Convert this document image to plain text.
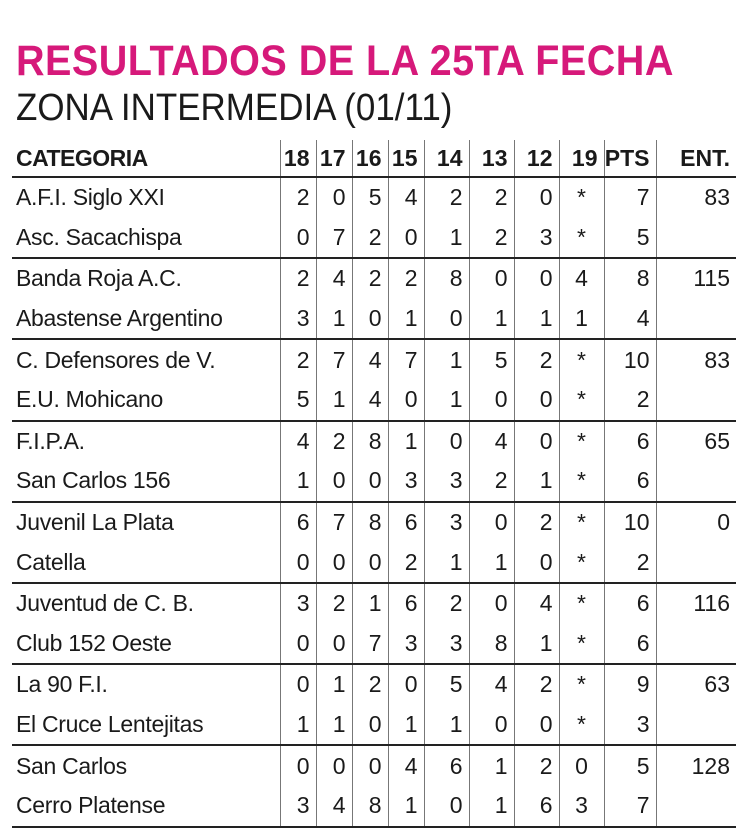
RESULTADOS DE LA 25TA FECHA
ZONA INTERMEDIA (01/11)
CATEGORIA	18	17	16	15	14	13	12	19	PTS	ENT.
A.F.I. Siglo XXI	2	0	5	4	2	2	0	*	7	83
Asc. Sacachispa	0	7	2	0	1	2	3	*	5	
Banda Roja A.C.	2	4	2	2	8	0	0	4	8	115
Abastense Argentino	3	1	0	1	0	1	1	1	4	
C. Defensores de V.	2	7	4	7	1	5	2	*	10	83
E.U. Mohicano	5	1	4	0	1	0	0	*	2	
F.I.P.A.	4	2	8	1	0	4	0	*	6	65
San Carlos 156	1	0	0	3	3	2	1	*	6	
Juvenil La Plata	6	7	8	6	3	0	2	*	10	0
Catella	0	0	0	2	1	1	0	*	2	
Juventud de C. B.	3	2	1	6	2	0	4	*	6	116
Club 152 Oeste	0	0	7	3	3	8	1	*	6	
La 90 F.I.	0	1	2	0	5	4	2	*	9	63
El Cruce Lentejitas	1	1	0	1	1	0	0	*	3	
San Carlos	0	0	0	4	6	1	2	0	5	128
Cerro Platense	3	4	8	1	0	1	6	3	7	
